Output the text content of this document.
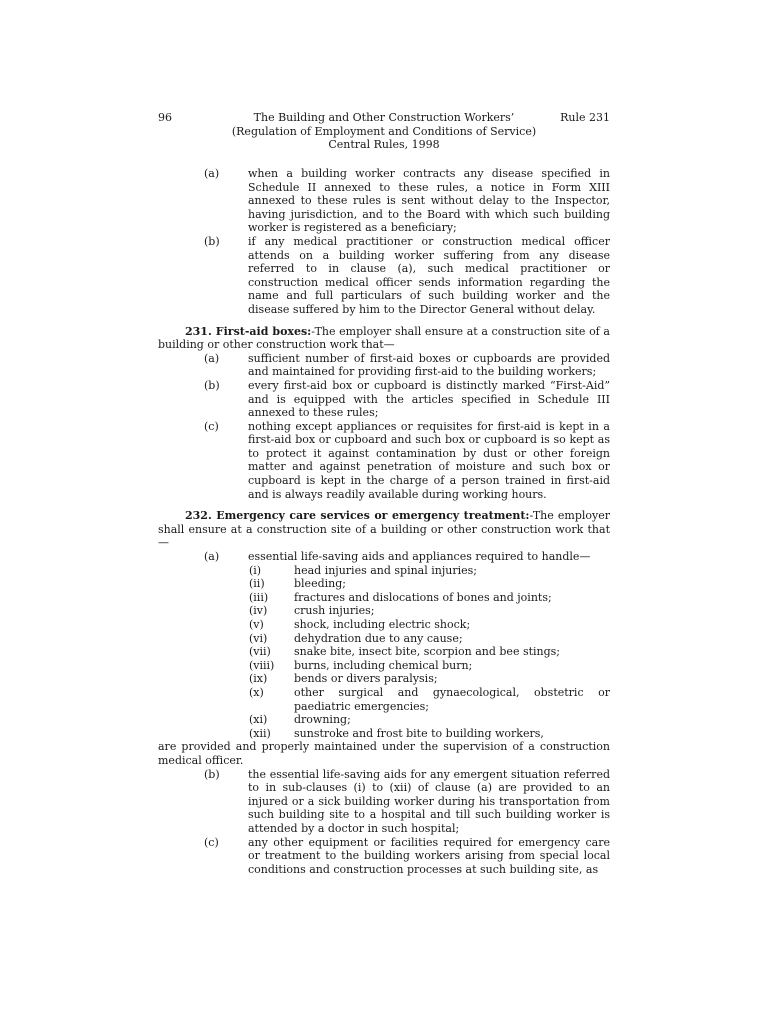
96	The Building and Other Construction Workers’
(Regulation of Employment and Conditions of Service)
Central Rules, 1998
Rule 231
(a)	when a building worker contracts any disease specified in Schedule II annexed to these rules, a notice in Form XIII annexed to these rules is sent without delay to the Inspector, having jurisdiction, and to the Board with which such building worker is registered as a beneficiary;
(b)	if any medical practitioner or construction medical officer attends on a building worker suffering from any disease referred to in clause (a), such medical practitioner or construction medical officer sends information regarding the name and full particulars of such building worker and the disease suffered by him to the Director General without delay.
231. First-aid boxes:-The employer shall ensure at a construction site of a building or other construction work that—
(a)	sufficient number of first-aid boxes or cupboards are provided and maintained for providing first-aid to the building workers;
(b)	every first-aid box or cupboard is distinctly marked “First-Aid” and is equipped with the articles specified in Schedule III annexed to these rules;
(c)	nothing except appliances or requisites for first-aid is kept in a first-aid box or cupboard and such box or cupboard is so kept as to protect it against contamination by dust or other foreign matter and against penetration of moisture and such box or cupboard is kept in the charge of a person trained in first-aid and is always readily available during working hours.
232. Emergency care services or emergency treatment:-The employer shall ensure at a construction site of a building or other construction work that—
(a)	essential life-saving aids and appliances required to handle—
(i)	head injuries and spinal injuries;
(ii)	bleeding;
(iii) fractures and dislocations of bones and joints;
(iv) crush injuries;
(v)	shock, including electric shock;
(vi) dehydration due to any cause;
(vii) snake bite, insect bite, scorpion and bee stings;
(viii) burns, including chemical burn;
(ix) bends or divers paralysis;
(x)	other surgical and gynaecological, obstetric or paediatric emergencies;
(xi) drowning;
(xii) sunstroke and frost bite to building workers,
are provided and properly maintained under the supervision of a construction medical officer.
(b)	the essential life-saving aids for any emergent situation referred to in sub-clauses (i) to (xii) of clause (a) are provided to an injured or a sick building worker during his transportation from such building site to a hospital and till such building worker is attended by a doctor in such hospital;
(c)	any other equipment or facilities required for emergency care or treatment to the building workers arising from special local conditions and construction processes at such building site, as
